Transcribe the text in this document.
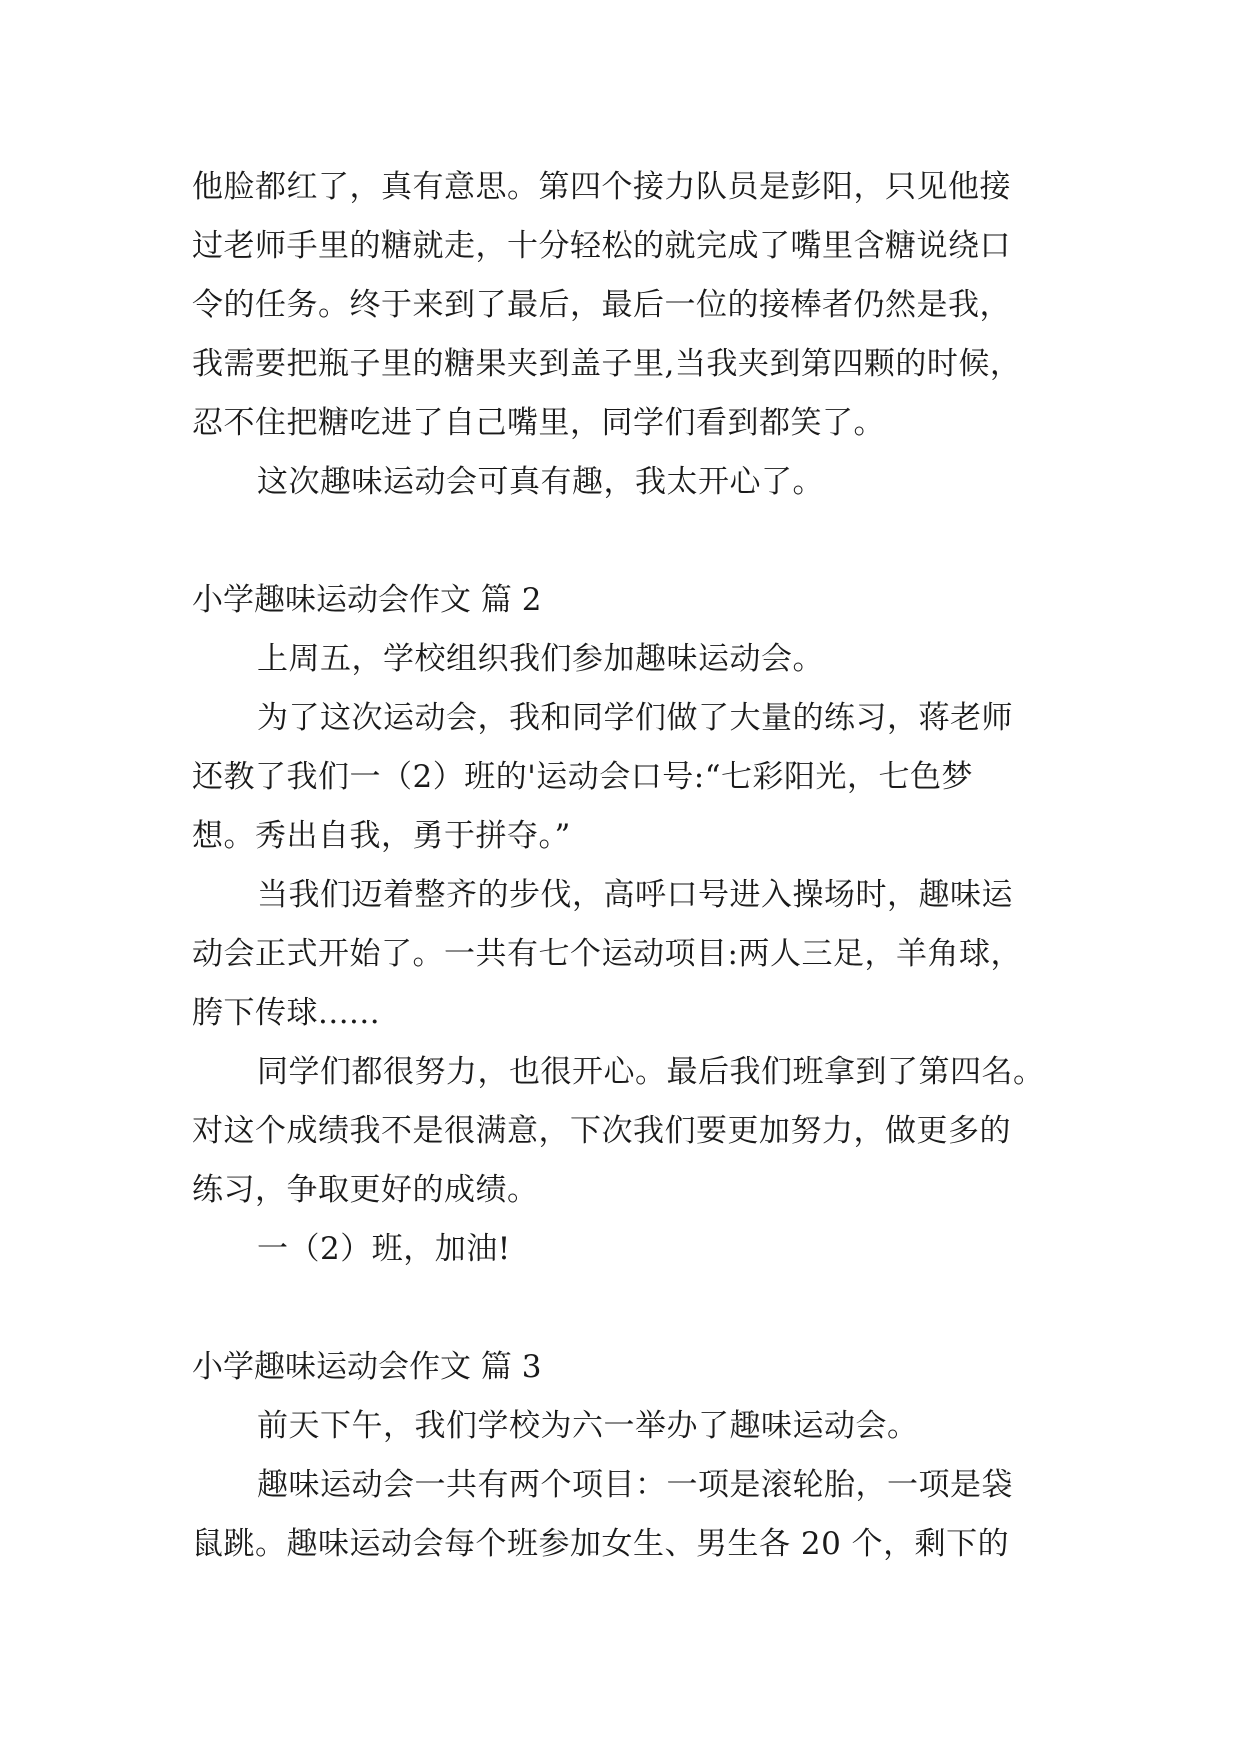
他脸都红了，真有意思。第四个接力队员是彭阳，只见他接
过老师手里的糖就走，十分轻松的就完成了嘴里含糖说绕口
令的任务。终于来到了最后，最后一位的接棒者仍然是我，
我需要把瓶子里的糖果夹到盖子里,当我夹到第四颗的时候，
忍不住把糖吃进了自己嘴里，同学们看到都笑了。
这次趣味运动会可真有趣，我太开心了。
小学趣味运动会作文 篇 2
上周五，学校组织我们参加趣味运动会。
为了这次运动会，我和同学们做了大量的练习，蒋老师
还教了我们一（2）班的'运动会口号:“七彩阳光，七色梦
想。秀出自我，勇于拼夺。”
当我们迈着整齐的步伐，高呼口号进入操场时，趣味运
动会正式开始了。一共有七个运动项目:两人三足，羊角球，
胯下传球......
同学们都很努力，也很开心。最后我们班拿到了第四名。
对这个成绩我不是很满意，下次我们要更加努力，做更多的
练习，争取更好的成绩。
一（2）班，加油!
小学趣味运动会作文 篇 3
前天下午，我们学校为六一举办了趣味运动会。
趣味运动会一共有两个项目：一项是滚轮胎，一项是袋
鼠跳。趣味运动会每个班参加女生、男生各 20 个，剩下的
